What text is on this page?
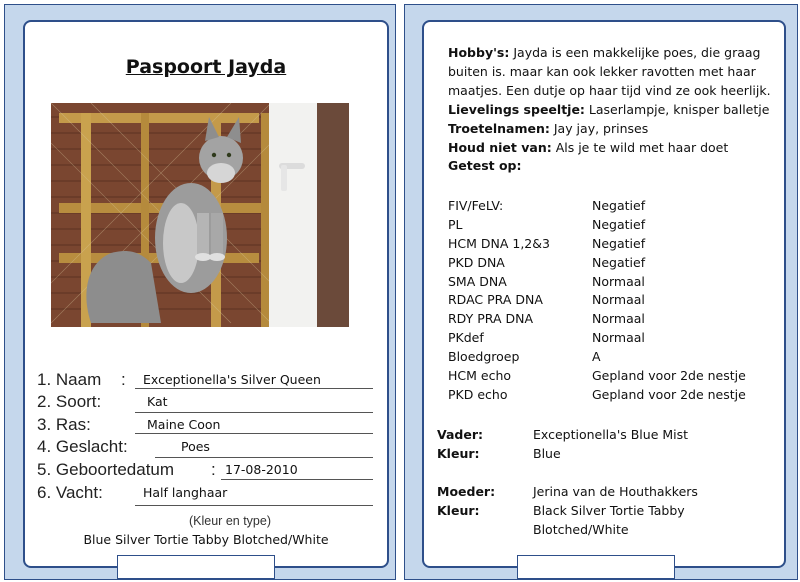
Paspoort Jayda
1. Naam : Exceptionella's Silver Queen
2. Soort:	Kat
3. Ras:	Maine Coon
4. Geslacht:	Poes
5. Geboortedatum : 17-08-2010
6. Vacht:	Half langhaar
(Kleur en type)
Blue Silver Tortie Tabby Blotched/White
Hobby's: Jayda is een makkelijke poes, die graag buiten is. maar kan ook lekker ravotten met haar maatjes. Een dutje op haar tijd vind ze ook heerlijk.
Lievelings speeltje: Laserlampje, knisper balletje
Troetelnamen: Jay jay, prinses
Houd niet van: Als je te wild met haar doet
Getest op:
FIV/FeLV:	Negatief
PL	Negatief
HCM DNA 1,2&3	Negatief
PKD DNA	Negatief
SMA DNA	Normaal
RDAC PRA DNA	Normaal
RDY PRA DNA	Normaal
PKdef	Normaal
Bloedgroep	A
HCM echo	Gepland voor 2de nestje
PKD echo	Gepland voor 2de nestje
Vader:	Exceptionella's Blue Mist
Kleur:	Blue
Moeder:	Jerina van de Houthakkers
Kleur:	Black Silver Tortie Tabby
Blotched/White
